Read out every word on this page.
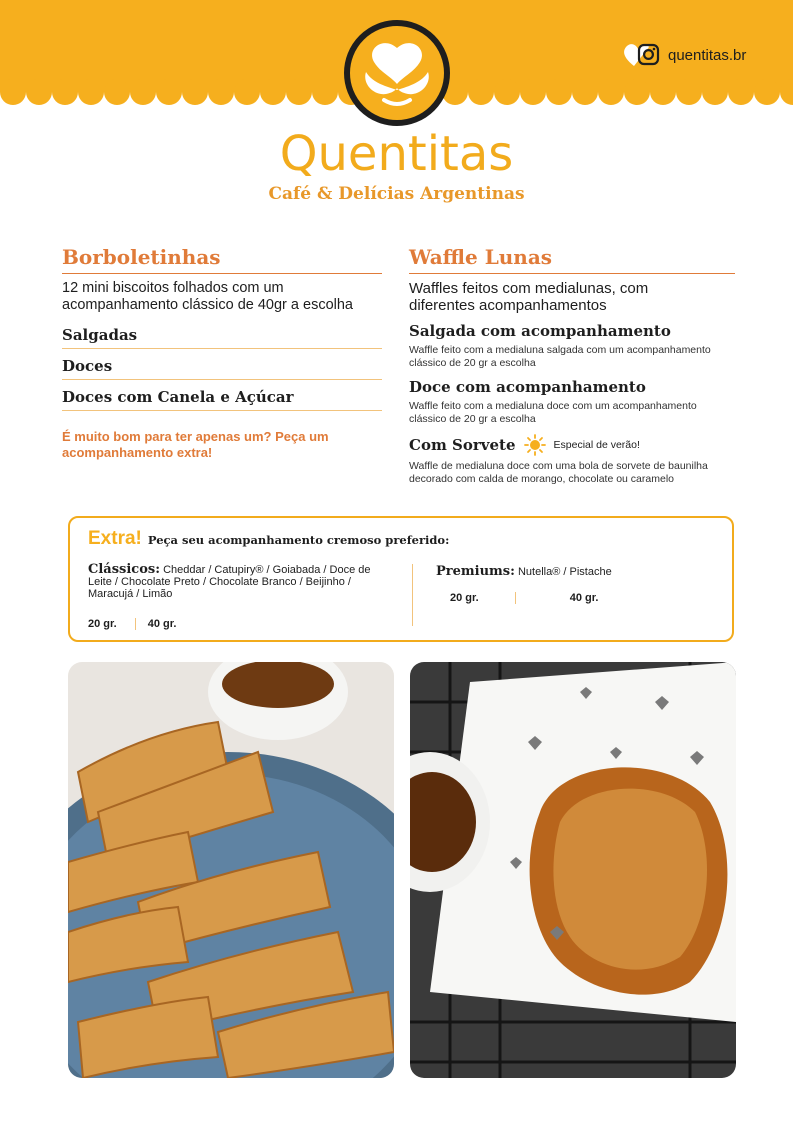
quentitas.br
Quentitas
Café & Delícias Argentinas
Borboletinhas
12 mini biscoitos folhados com um acompanhamento clássico de 40gr a escolha
Salgadas
Doces
Doces com Canela e Açúcar
É muito bom para ter apenas um? Peça um acompanhamento extra!
Waffle Lunas
Waffles feitos com medialunas, com diferentes acompanhamentos
Salgada com acompanhamento
Waffle feito com a medialuna salgada com um acompanhamento clássico de 20 gr a escolha
Doce com acompanhamento
Waffle feito com a medialuna doce com um acompanhamento clássico de 20 gr a escolha
Com Sorvete	Especial de verão!
Waffle de medialuna doce com uma bola de sorvete de baunilha decorado com calda de morango, chocolate ou caramelo
Extra! Peça seu acompanhamento cremoso preferido:
Clássicos: Cheddar / Catupiry® / Goiabada / Doce de Leite / Chocolate Preto / Chocolate Branco / Beijinho / Maracujá / Limão
20 gr.	40 gr.
Premiums: Nutella® / Pistache
20 gr.	40 gr.
